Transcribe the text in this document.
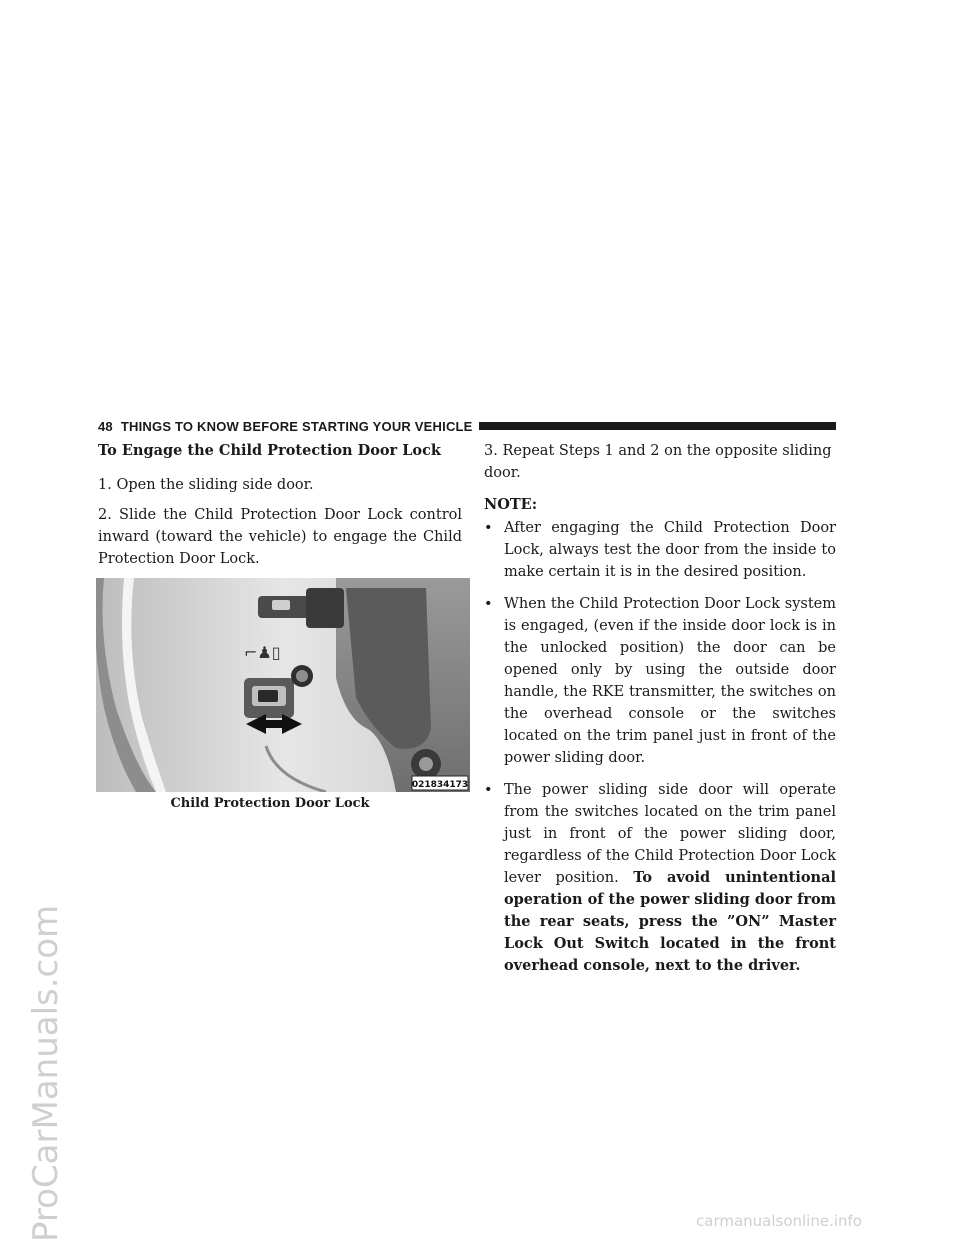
ProCarManuals.com
48 THINGS TO KNOW BEFORE STARTING YOUR VEHICLE
To Engage the Child Protection Door Lock

1. Open the sliding side door.

2. Slide the Child Protection Door Lock control inward (toward the vehicle) to engage the Child Protection Door Lock.

⌐♟▯
021834173
Child Protection Door Lock

3. Repeat Steps 1 and 2 on the opposite sliding door.

NOTE:
• After engaging the Child Protection Door Lock, always test the door from the inside to make certain it is in the desired position.
• When the Child Protection Door Lock system is engaged, (even if the inside door lock is in the unlocked position) the door can be opened only by using the outside door handle, the RKE transmitter, the switches on the overhead console or the switches located on the trim panel just in front of the power sliding door.
• The power sliding side door will operate from the switches located on the trim panel just in front of the power sliding door, regardless of the Child Protection Door Lock lever position. To avoid unintentional operation of the power sliding door from the rear seats, press the ”ON” Master Lock Out Switch located in the front overhead console, next to the driver.
carmanualsonline.info
